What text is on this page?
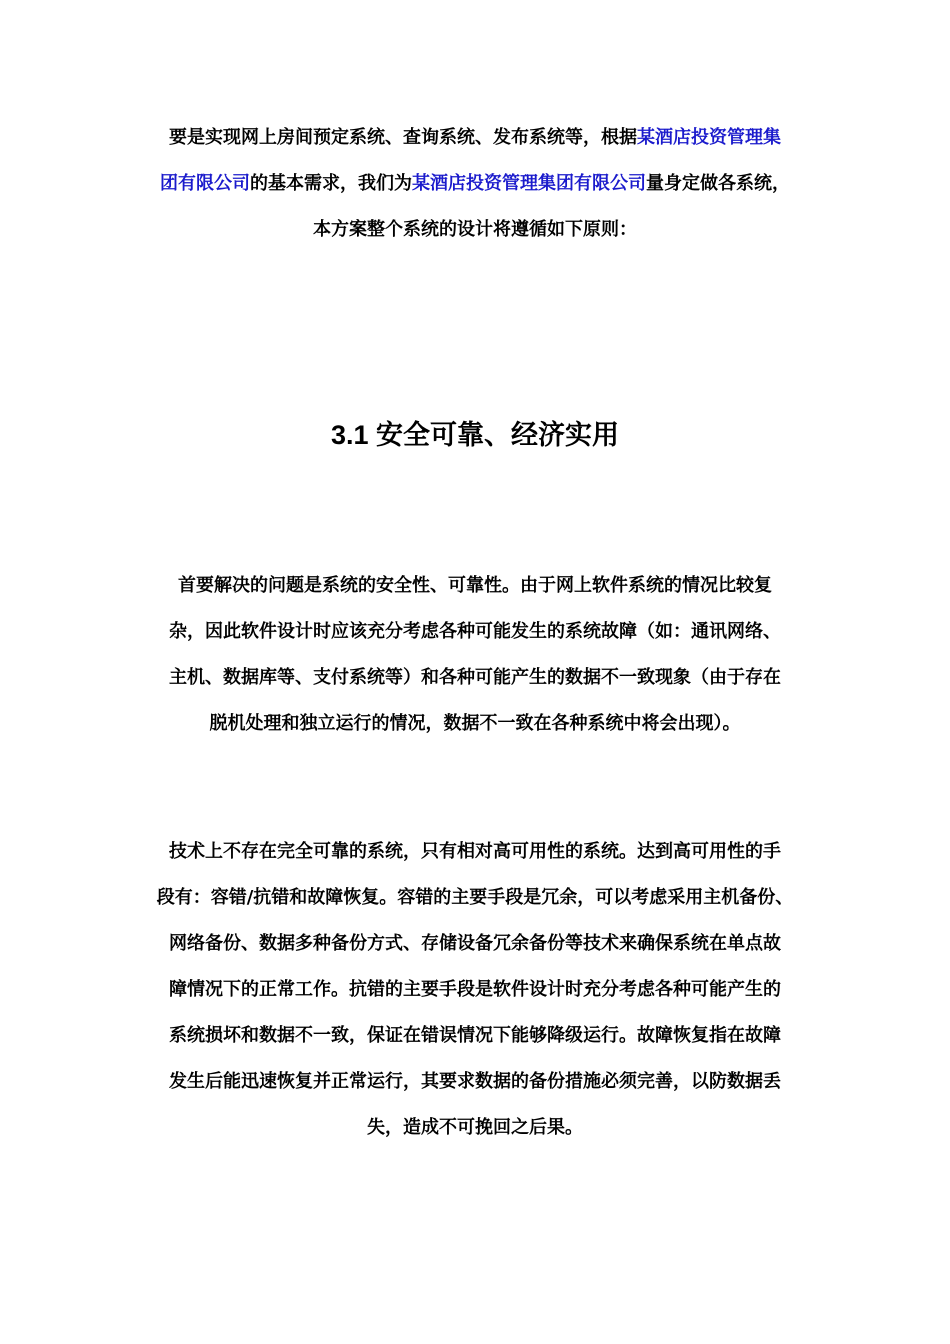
要是实现网上房间预定系统、查询系统、发布系统等，根据某酒店投资管理集
团有限公司的基本需求，我们为某酒店投资管理集团有限公司量身定做各系统，
本方案整个系统的设计将遵循如下原则：
3.1 安全可靠、经济实用
首要解决的问题是系统的安全性、可靠性。由于网上软件系统的情况比较复
杂，因此软件设计时应该充分考虑各种可能发生的系统故障（如：通讯网络、
主机、数据库等、支付系统等）和各种可能产生的数据不一致现象（由于存在
脱机处理和独立运行的情况，数据不一致在各种系统中将会出现）。
技术上不存在完全可靠的系统，只有相对高可用性的系统。达到高可用性的手
段有：容错/抗错和故障恢复。容错的主要手段是冗余，可以考虑采用主机备份、
网络备份、数据多种备份方式、存储设备冗余备份等技术来确保系统在单点故
障情况下的正常工作。抗错的主要手段是软件设计时充分考虑各种可能产生的
系统损坏和数据不一致，保证在错误情况下能够降级运行。故障恢复指在故障
发生后能迅速恢复并正常运行，其要求数据的备份措施必须完善，以防数据丢
失，造成不可挽回之后果。
